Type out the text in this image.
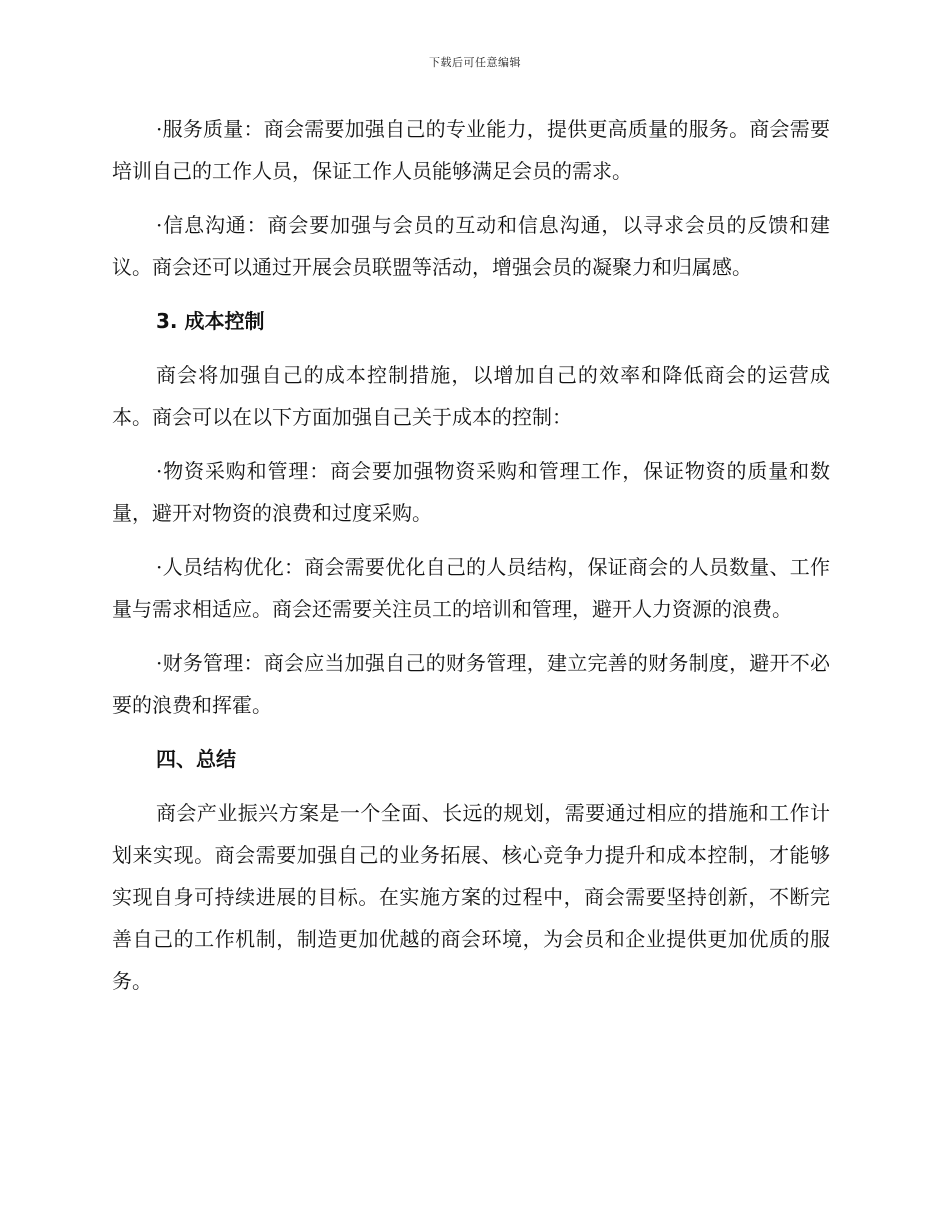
下载后可任意编辑

·服务质量：商会需要加强自己的专业能力，提供更高质量的服务。商会需要培训自己的工作人员，保证工作人员能够满足会员的需求。

·信息沟通：商会要加强与会员的互动和信息沟通，以寻求会员的反馈和建议。商会还可以通过开展会员联盟等活动，增强会员的凝聚力和归属感。

3. 成本控制

商会将加强自己的成本控制措施，以增加自己的效率和降低商会的运营成本。商会可以在以下方面加强自己关于成本的控制：

·物资采购和管理：商会要加强物资采购和管理工作，保证物资的质量和数量，避开对物资的浪费和过度采购。

·人员结构优化：商会需要优化自己的人员结构，保证商会的人员数量、工作量与需求相适应。商会还需要关注员工的培训和管理，避开人力资源的浪费。

·财务管理：商会应当加强自己的财务管理，建立完善的财务制度，避开不必要的浪费和挥霍。

四、总结

商会产业振兴方案是一个全面、长远的规划，需要通过相应的措施和工作计划来实现。商会需要加强自己的业务拓展、核心竞争力提升和成本控制，才能够实现自身可持续进展的目标。在实施方案的过程中，商会需要坚持创新，不断完善自己的工作机制，制造更加优越的商会环境，为会员和企业提供更加优质的服务。
